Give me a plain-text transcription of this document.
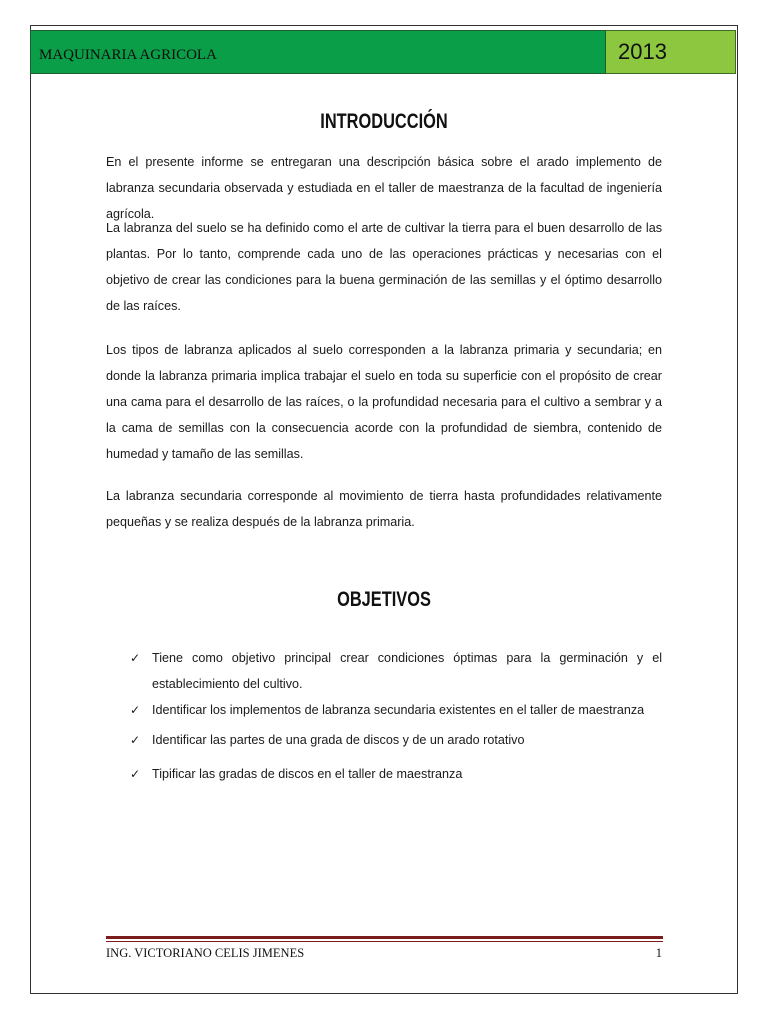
MAQUINARIA AGRICOLA	2013
INTRODUCCIÓN

En el presente informe se entregaran una descripción básica sobre el arado implemento de labranza secundaria observada y estudiada en el taller de maestranza de la facultad de ingeniería agrícola.

La labranza del suelo se ha definido como el arte de cultivar la tierra para el buen desarrollo de las plantas. Por lo tanto, comprende cada uno de las operaciones prácticas y necesarias con el objetivo de crear las condiciones para la buena germinación de las semillas y el óptimo desarrollo de las raíces.

Los tipos de labranza aplicados al suelo corresponden a la labranza primaria y secundaria; en donde la labranza primaria implica trabajar el suelo en toda su superficie con el propósito de crear una cama para el desarrollo de las raíces, o la profundidad necesaria para el cultivo a sembrar y a la cama de semillas con la consecuencia acorde con la profundidad de siembra, contenido de humedad y tamaño de las semillas.

La labranza secundaria corresponde al movimiento de tierra hasta profundidades relativamente pequeñas y se realiza después de la labranza primaria.

OBJETIVOS
✓ Tiene como objetivo principal crear condiciones óptimas para la germinación y el establecimiento del cultivo.
✓ Identificar los implementos de labranza secundaria existentes en el taller de maestranza
✓ Identificar las partes de una grada de discos y de un arado rotativo
✓ Tipificar las gradas de discos en el taller de maestranza
ING. VICTORIANO CELIS JIMENES	1
